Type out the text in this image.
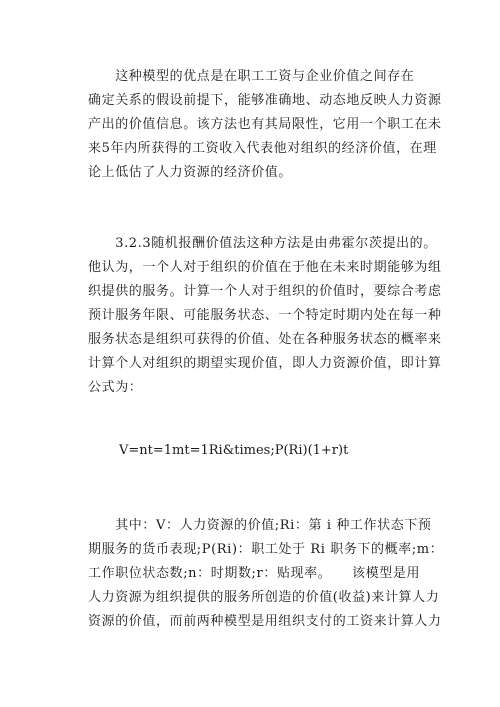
　　这种模型的优点是在职工工资与企业价值之间存在
确定关系的假设前提下，能够准确地、动态地反映人力资源
产出的价值信息。该方法也有其局限性，它用一个职工在未
来5年内所获得的工资收入代表他对组织的经济价值，在理
论上低估了人力资源的经济价值。

　　3.2.3随机报酬价值法这种方法是由弗霍尔茨提出的。
他认为，一个人对于组织的价值在于他在未来时期能够为组
织提供的服务。计算一个人对于组织的价值时，要综合考虑
预计服务年限、可能服务状态、一个特定时期内处在每一种
服务状态是组织可获得的价值、处在各种服务状态的概率来
计算个人对组织的期望实现价值，即人力资源价值，即计算
公式为：

V=nt=1mt=1Ri&times;P(Ri)(1+r)t

　　其中：V：人力资源的价值;Ri：第 i 种工作状态下预
期服务的货币表现;P(Ri)：职工处于 Ri 职务下的概率;m：
工作职位状态数;n：时期数;r：贴现率。　　该模型是用
人力资源为组织提供的服务所创造的价值(收益)来计算人力
资源的价值，而前两种模型是用组织支付的工资来计算人力
